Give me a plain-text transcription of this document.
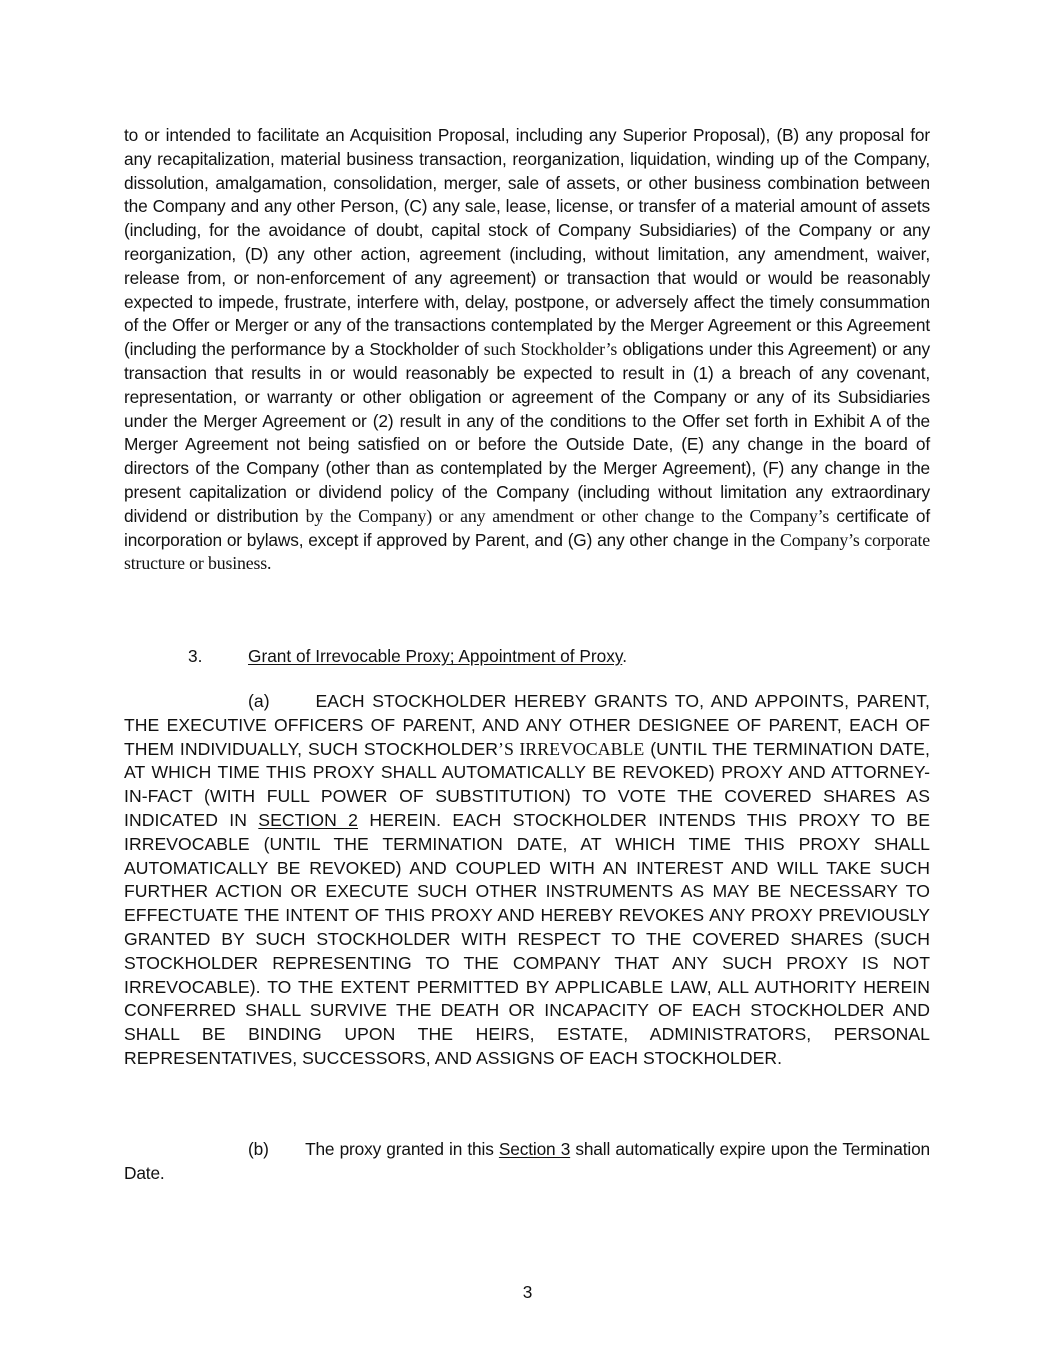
to or intended to facilitate an Acquisition Proposal, including any Superior Proposal), (B) any proposal for any recapitalization, material business transaction, reorganization, liquidation, winding up of the Company, dissolution, amalgamation, consolidation, merger, sale of assets, or other business combination between the Company and any other Person, (C) any sale, lease, license, or transfer of a material amount of assets (including, for the avoidance of doubt, capital stock of Company Subsidiaries) of the Company or any reorganization, (D) any other action, agreement (including, without limitation, any amendment, waiver, release from, or non-enforcement of any agreement) or transaction that would or would be reasonably expected to impede, frustrate, interfere with, delay, postpone, or adversely affect the timely consummation of the Offer or Merger or any of the transactions contemplated by the Merger Agreement or this Agreement (including the performance by a Stockholder of such Stockholder’s obligations under this Agreement) or any transaction that results in or would reasonably be expected to result in (1) a breach of any covenant, representation, or warranty or other obligation or agreement of the Company or any of its Subsidiaries under the Merger Agreement or (2) result in any of the conditions to the Offer set forth in Exhibit A of the Merger Agreement not being satisfied on or before the Outside Date, (E) any change in the board of directors of the Company (other than as contemplated by the Merger Agreement), (F) any change in the present capitalization or dividend policy of the Company (including without limitation any extraordinary dividend or distribution by the Company) or any amendment or other change to the Company’s certificate of incorporation or bylaws, except if approved by Parent, and (G) any other change in the Company’s corporate structure or business.

3.	Grant of Irrevocable Proxy; Appointment of Proxy.

(a)	EACH STOCKHOLDER HEREBY GRANTS TO, AND APPOINTS, PARENT, THE EXECUTIVE OFFICERS OF PARENT, AND ANY OTHER DESIGNEE OF PARENT, EACH OF THEM INDIVIDUALLY, SUCH STOCKHOLDER’S IRREVOCABLE (UNTIL THE TERMINATION DATE, AT WHICH TIME THIS PROXY SHALL AUTOMATICALLY BE REVOKED) PROXY AND ATTORNEY-IN-FACT (WITH FULL POWER OF SUBSTITUTION) TO VOTE THE COVERED SHARES AS INDICATED IN SECTION 2 HEREIN. EACH STOCKHOLDER INTENDS THIS PROXY TO BE IRREVOCABLE (UNTIL THE TERMINATION DATE, AT WHICH TIME THIS PROXY SHALL AUTOMATICALLY BE REVOKED) AND COUPLED WITH AN INTEREST AND WILL TAKE SUCH FURTHER ACTION OR EXECUTE SUCH OTHER INSTRUMENTS AS MAY BE NECESSARY TO EFFECTUATE THE INTENT OF THIS PROXY AND HEREBY REVOKES ANY PROXY PREVIOUSLY GRANTED BY SUCH STOCKHOLDER WITH RESPECT TO THE COVERED SHARES (SUCH STOCKHOLDER REPRESENTING TO THE COMPANY THAT ANY SUCH PROXY IS NOT IRREVOCABLE). TO THE EXTENT PERMITTED BY APPLICABLE LAW, ALL AUTHORITY HEREIN CONFERRED SHALL SURVIVE THE DEATH OR INCAPACITY OF EACH STOCKHOLDER AND SHALL BE BINDING UPON THE HEIRS, ESTATE, ADMINISTRATORS, PERSONAL REPRESENTATIVES, SUCCESSORS, AND ASSIGNS OF EACH STOCKHOLDER.

(b) The proxy granted in this Section 3 shall automatically expire upon the Termination Date.

3
